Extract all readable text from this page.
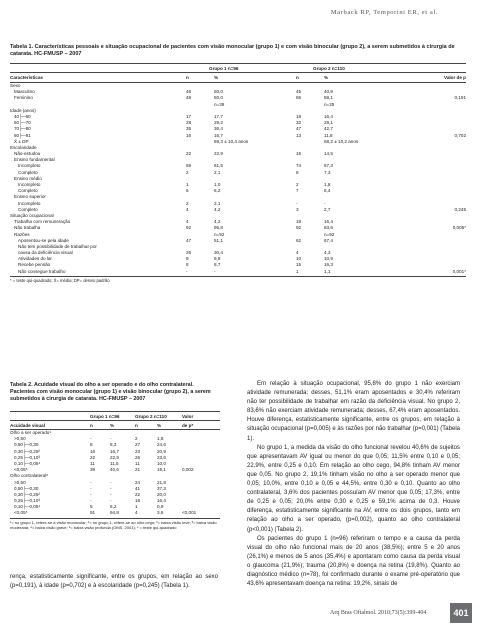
Marback RP, Temporini ER, et al.
Tabela 1. Características pessoais e situação ocupacional de pacientes com visão monocular (grupo 1) e com visão binocular (grupo 2), a serem submetidos à cirurgia de catarata. HC-FMUSP – 2007
Grupo 1 n=96	Grupo 2 n=110
Características	n	%	n	%	Valor de p
Sexo
Masculino	48	50,0	45	40,9
Feminino	48	50,0	65	59,1	0,191
n=39	n=25
Idade (anos)
40├─60	17	17,7	18	16,4
60├─70	28	29,2	32	29,1
70├─80	35	36,4	47	42,7
80├─91	16	16,7	13	11,8	0,702
X̄ ± DP	69,3 ± 10,4 anos	68,2 ± 10,2 anos
Escolaridade
Não-estudou	22	22,9	16	14,5
Ensino fundamental
Incompleto	59	61,5	74	67,3
Completo	2	2,1	8	7,3
Ensino médio
Incompleto	1	1,0	2	1,8
Completo	6	6,2	7	6,4
Ensino superior
Incompleto	2	2,1	-	-
Completo	4	4,2	3	2,7	0,245
Situação ocupacional
Trabalha com remuneração	4	4,2	18	16,4
Não trabalha	92	95,8	92	83,6	0,005*
Razões	n=92	n=92
Aposentou-se pela idade	47	51,1	62	67,4
Não tem possibilidade de trabalhar por
causa da deficiência visual	26	30,4	4	4,3
Atividades do lar	9	9,8	10	10,9
Recebe pensão	8	8,7	15	16,3
Não consegue trabalho	-	-	1	1,1	0,001*
* = teste qui-quadrado; X̄= média; DP= desvio padrão
Tabela 2. Acuidade visual do olho a ser operado e do olho contralateral. Pacientes com visão monocular (grupo 1) e visão binocular (grupo 2), a serem submetidos à cirurgia de catarata. HC-FMUSP – 2007
Grupo 1 n=96	Grupo 2 n=110	Valor
Acuidade visual	n	%	n	%	de p*
Olho a ser operado¹
>0,50	-	-	2	1,8
0,50├─0,30	8	8,3	27	24,6
0,30├─0,25²	16	16,7	23	20,9
0,25├─0,10³	22	22,9	26	23,6
0,10├─0,05⁴	11	11,5	11	10,0
<0,05⁵	39	40,6	21	19,1	0,002
Olho contralateral⁶
>0,50	-	-	24	21,8
0,50├─0,30	-	-	41	37,3
0,30├─0,25²	-	-	22	20,0
0,25├─0,10³	-	-	18	16,4
0,10├─0,05⁴	5	5,2	1	0,9
<0,05⁵	91	94,8	4	3,6	<0,001
¹= no grupo 1, refere-se à visão monocular; ²= no grupo 1, refere-se ao olho cego; ²= baixa visão leve; ³= baixa visão moderada; ⁴= baixa visão grave; ⁵= baixa visão profunda (OMS, 2001); * = teste qui-quadrado
rença, estatisticamente significante, entre os grupos, em relação ao sexo (p=0,191), à idade (p=0,702) e à escolaridade (p=0,245) (Tabela 1).

Em relação à situação ocupacional, 95,8% do grupo 1 não exerciam atividade remunerada; desses, 51,1% eram aposentados e 30,4% referiram não ter possibilidade de trabalhar em razão da deficiência visual. No grupo 2, 83,6% não exerciam atividade remunerada; desses, 67,4% eram aposentados. Houve diferença, estatisticamente significante, entre os grupos, em relação à situação ocupacional (p=0,005) e às razões por não trabalhar (p=0,001) (Tabela 1).

No grupo 1, a medida da visão do olho funcional revelou 40,6% de sujeitos que apresentavam AV igual ou menor do que 0,05; 11,5% entre 0,10 e 0,05; 22,9%, entre 0,25 e 0,10. Em relação ao olho cego, 94,8% tinham AV menor que 0,05. No grupo 2, 19,1% tinham visão no olho a ser operado menor que 0,05; 10,0%, entre 0,10 e 0,05 e 44,5%, entre 0,30 e 0,10. Quanto ao olho contralateral, 3,6% dos pacientes possuíam AV menor que 0,05; 17,3%, entre de 0,25 e 0,05; 20,0% entre 0,30 e 0,25 e 59,1% acima de 0,3. Houve diferença, estatisticamente significante na AV, entre os dois grupos, tanto em relação ao olho a ser operado, (p=0,002), quanto ao olho contralateral (p<0,001) (Tabela 2).

Os pacientes do grupo 1 (n=96) referiram o tempo e a causa da perda visual do olho não funcional mais de 20 anos (38,5%); entre 5 e 20 anos (26,1%) e menos de 5 anos (35,4%) e apontaram como causa da perda visual o glaucoma (21,9%); trauma (20,8%) e doença na retina (19,8%). Quanto ao diagnóstico médico (n=78), foi confirmado durante o exame pré-operatório que 43,6% apresentavam doença na retina: 19,2%, sinais de

Arq Bras Oftalmol. 2010;73(5):399-404	401
